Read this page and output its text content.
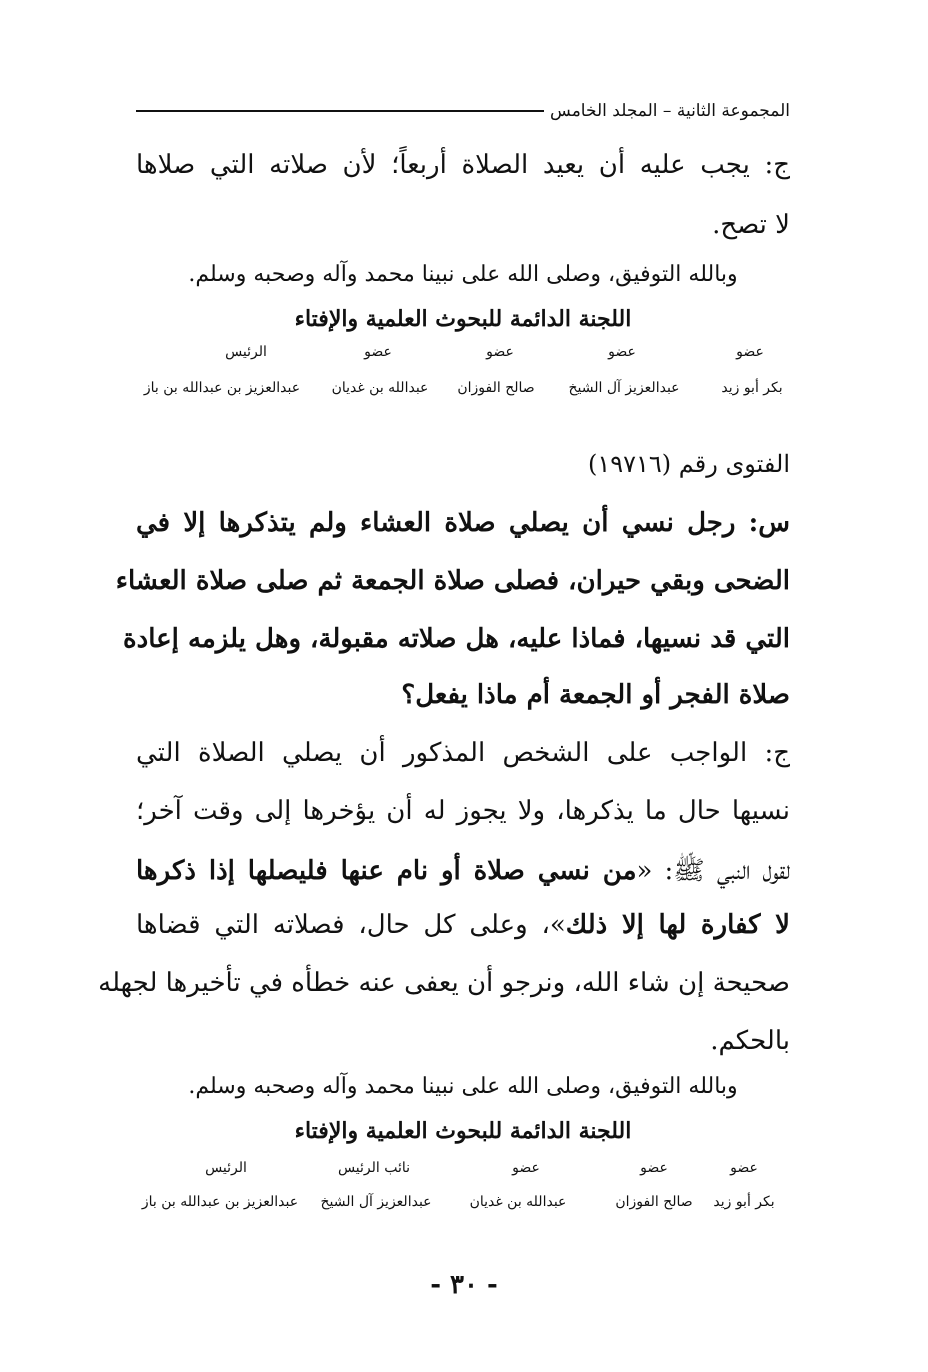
المجموعة الثانية – المجلد الخامس
ج: يجب عليه أن يعيد الصلاة أربعاً؛ لأن صلاته التي صلاها
لا تصح.
وبالله التوفيق، وصلى الله على نبينا محمد وآله وصحبه وسلم.
اللجنة الدائمة للبحوث العلمية والإفتاء
عضو
عضو
عضو
عضو
الرئيس
بكر أبو زيد
عبدالعزيز آل الشيخ
صالح الفوزان
عبدالله بن غديان
عبدالعزيز بن عبدالله بن باز
الفتوى رقم (١٩٧١٦)
س: رجل نسي أن يصلي صلاة العشاء ولم يتذكرها إلا في
الضحى وبقي حيران، فصلى صلاة الجمعة ثم صلى صلاة العشاء
التي قد نسيها، فماذا عليه، هل صلاته مقبولة، وهل يلزمه إعادة
صلاة الفجر أو الجمعة أم ماذا يفعل؟
ج: الواجب على الشخص المذكور أن يصلي الصلاة التي
نسيها حال ما يذكرها، ولا يجوز له أن يؤخرها إلى وقت آخر؛
لقول النبي ﷺ: «من نسي صلاة أو نام عنها فليصلها إذا ذكرها
لا كفارة لها إلا ذلك»، وعلى كل حال، فصلاته التي قضاها
صحيحة إن شاء الله، ونرجو أن يعفى عنه خطأه في تأخيرها لجهله
بالحكم.
وبالله التوفيق، وصلى الله على نبينا محمد وآله وصحبه وسلم.
اللجنة الدائمة للبحوث العلمية والإفتاء
عضو
عضو
عضو
نائب الرئيس
الرئيس
بكر أبو زيد
صالح الفوزان
عبدالله بن غديان
عبدالعزيز آل الشيخ
عبدالعزيز بن عبدالله بن باز
- ٣٠ -
